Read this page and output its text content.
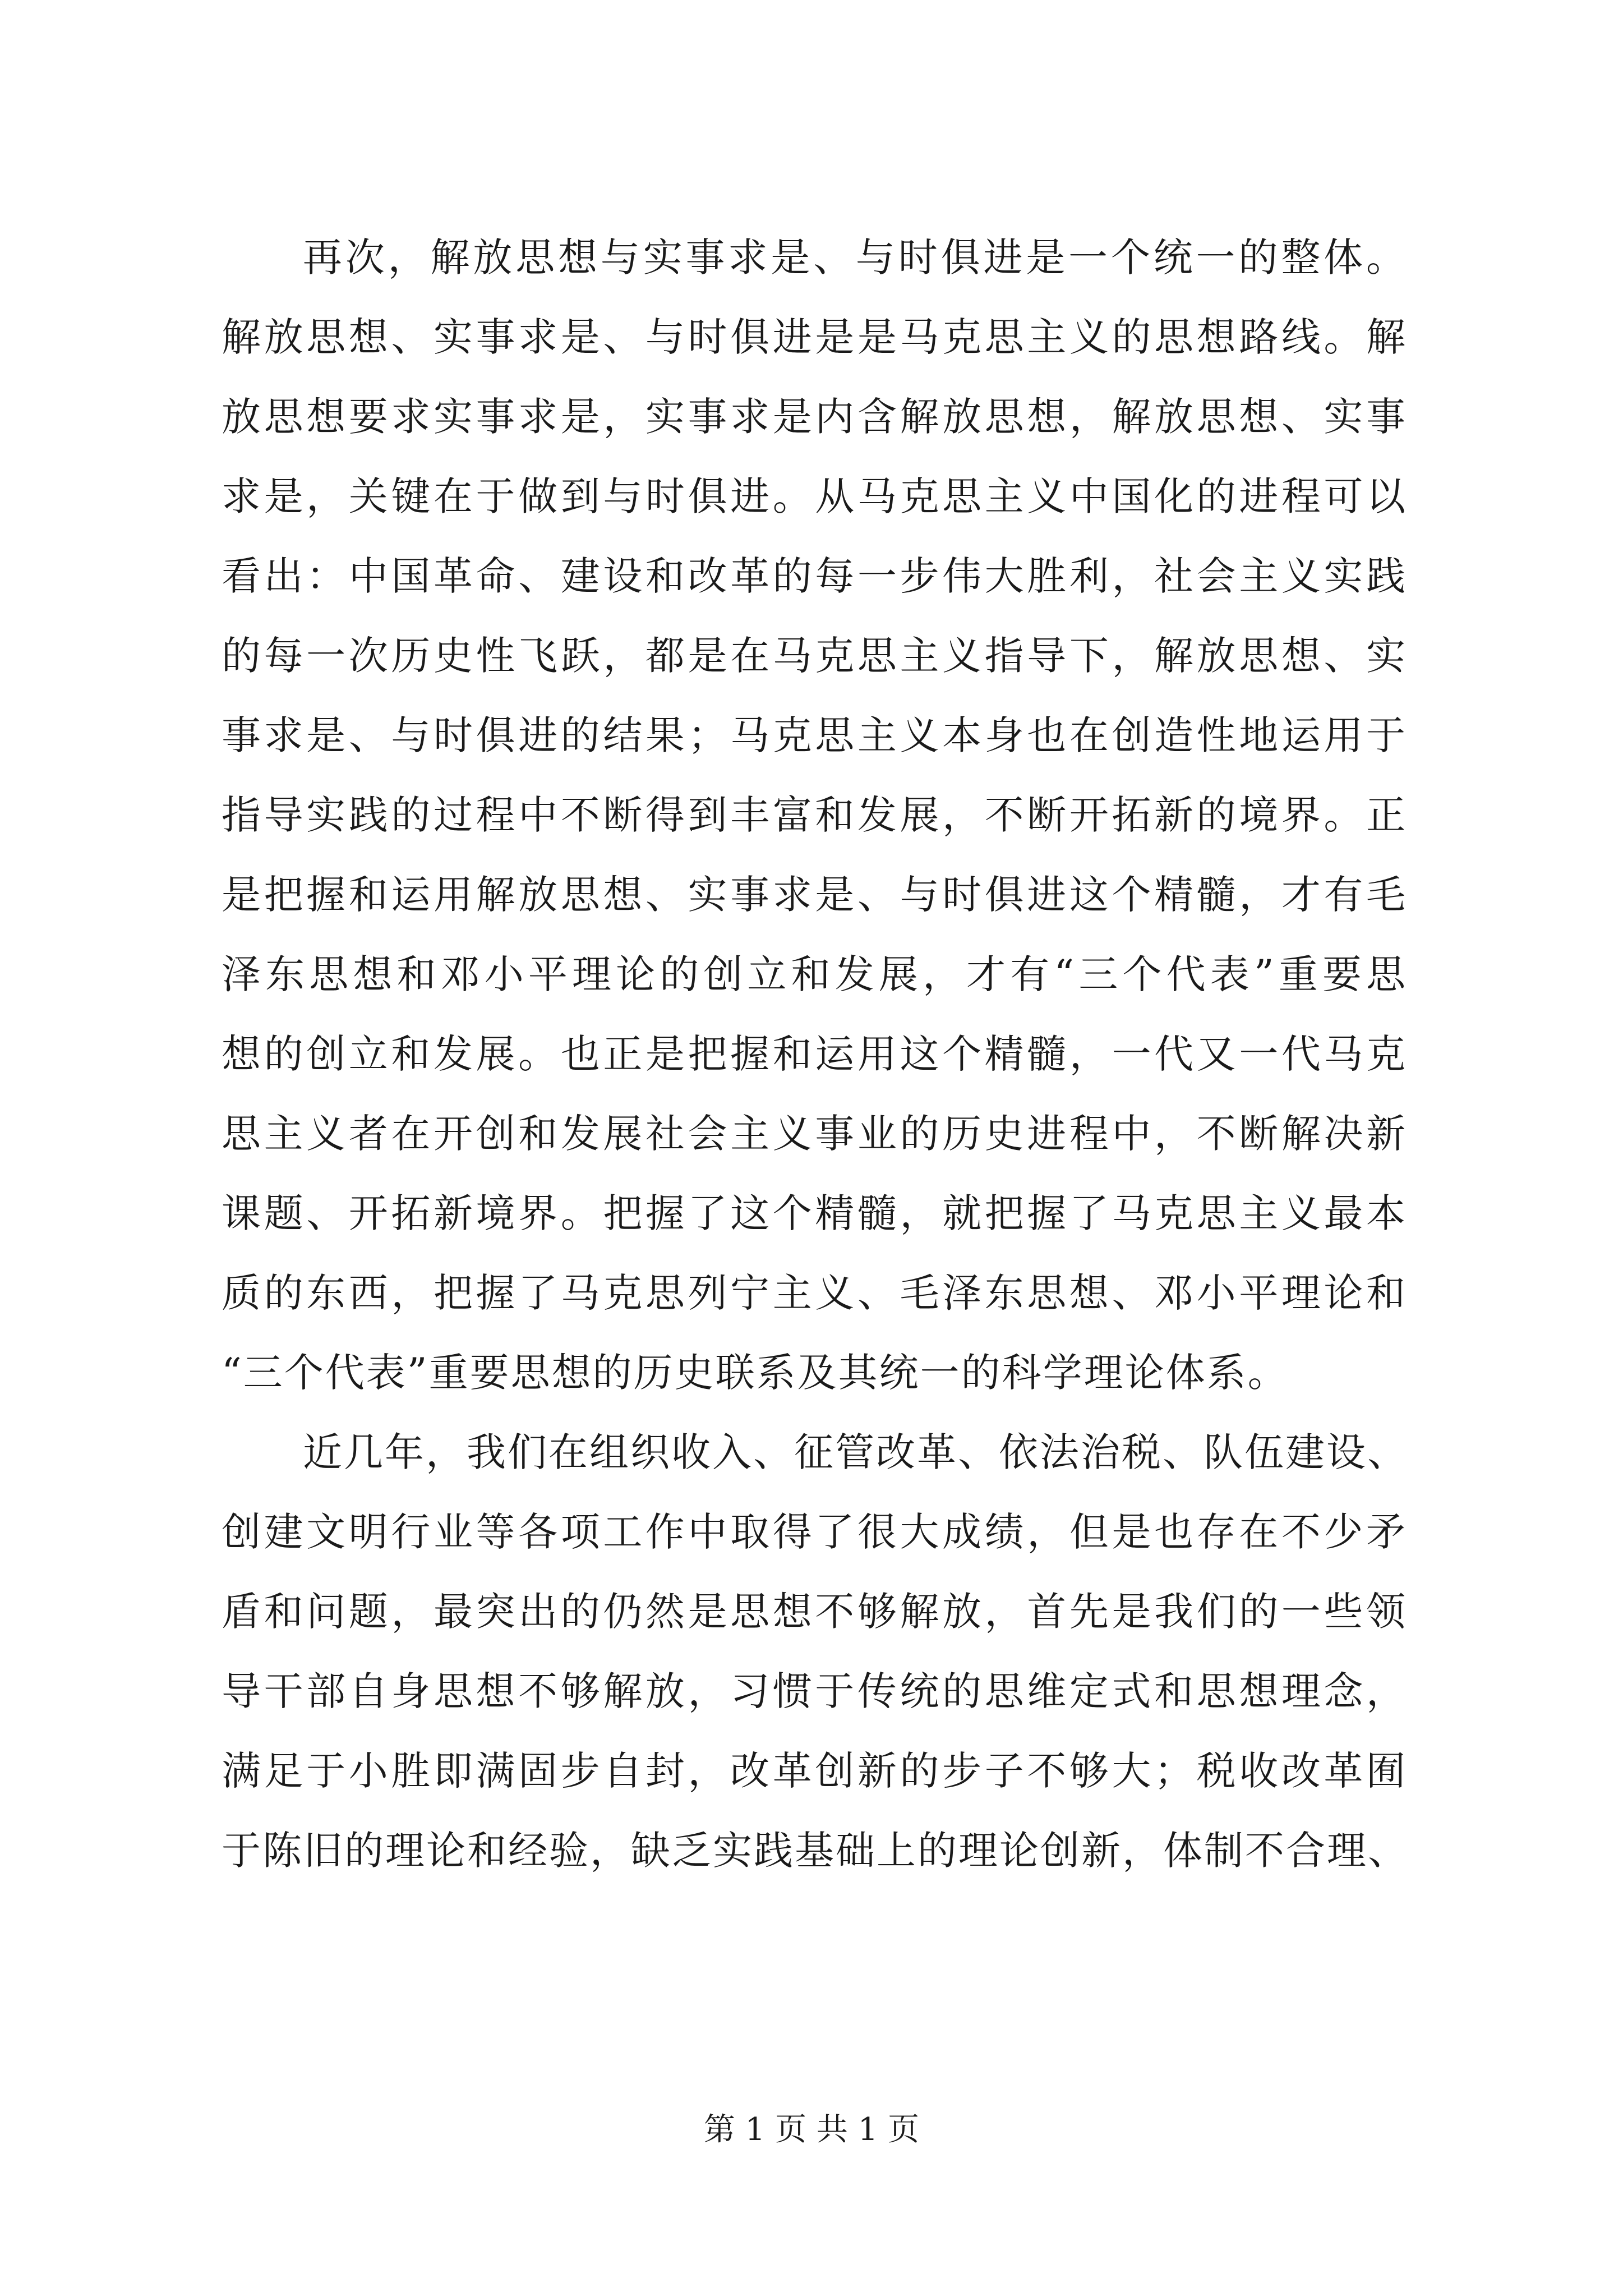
再次，解放思想与实事求是、与时俱进是一个统一的整体。
解放思想、实事求是、与时俱进是是马克思主义的思想路线。解
放思想要求实事求是，实事求是内含解放思想，解放思想、实事
求是，关键在于做到与时俱进。从马克思主义中国化的进程可以
看出：中国革命、建设和改革的每一步伟大胜利，社会主义实践
的每一次历史性飞跃，都是在马克思主义指导下，解放思想、实
事求是、与时俱进的结果；马克思主义本身也在创造性地运用于
指导实践的过程中不断得到丰富和发展，不断开拓新的境界。正
是把握和运用解放思想、实事求是、与时俱进这个精髓，才有毛
泽东思想和邓小平理论的创立和发展，才有“三个代表”重要思
想的创立和发展。也正是把握和运用这个精髓，一代又一代马克
思主义者在开创和发展社会主义事业的历史进程中，不断解决新
课题、开拓新境界。把握了这个精髓，就把握了马克思主义最本
质的东西，把握了马克思列宁主义、毛泽东思想、邓小平理论和
“三个代表”重要思想的历史联系及其统一的科学理论体系。
近几年，我们在组织收入、征管改革、依法治税、队伍建设、
创建文明行业等各项工作中取得了很大成绩，但是也存在不少矛
盾和问题，最突出的仍然是思想不够解放，首先是我们的一些领
导干部自身思想不够解放，习惯于传统的思维定式和思想理念，
满足于小胜即满固步自封，改革创新的步子不够大；税收改革囿
于陈旧的理论和经验，缺乏实践基础上的理论创新，体制不合理、
第 1 页 共 1 页
